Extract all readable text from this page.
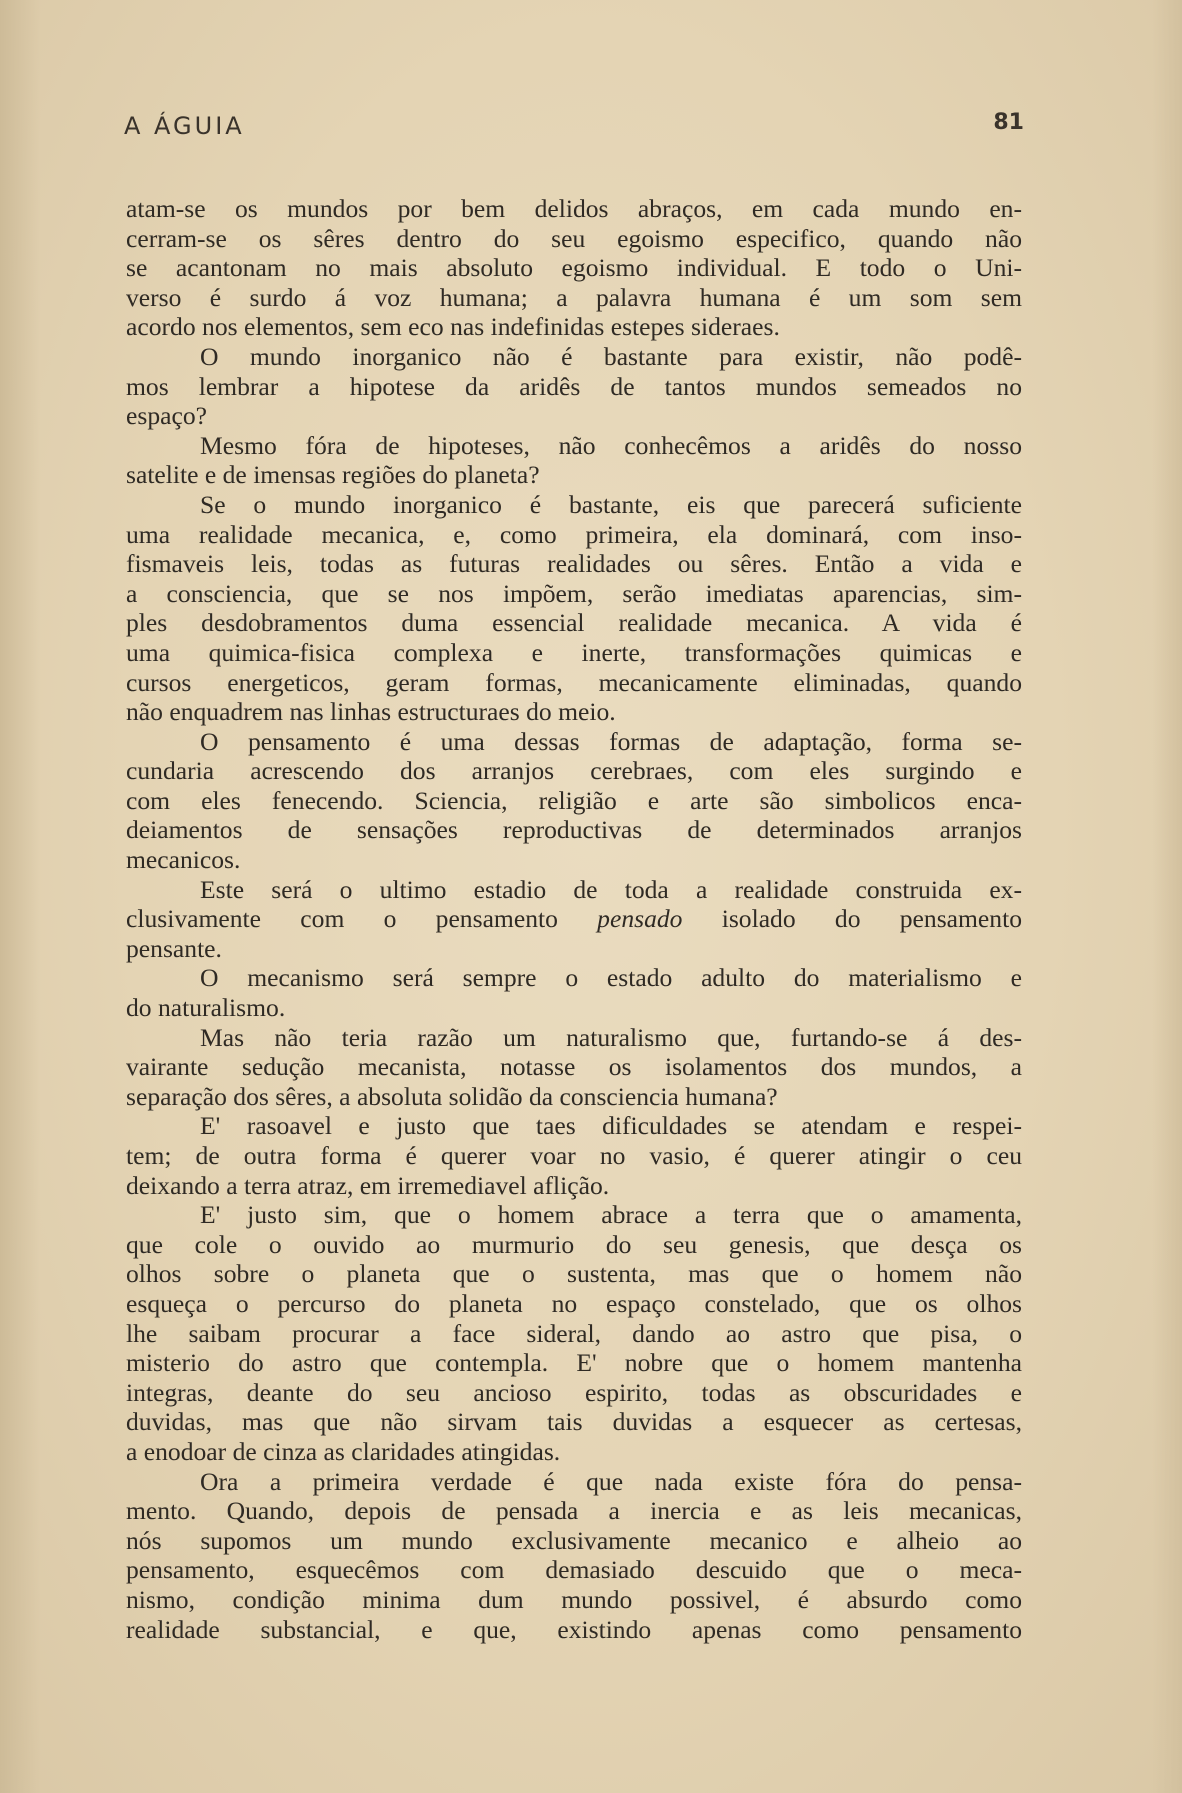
A ÁGUIA	81
atam-se os mundos por bem delidos abraços, em cada mundo en-
cerram-se os sêres dentro do seu egoismo especifico, quando não
se acantonam no mais absoluto egoismo individual. E todo o Uni-
verso é surdo á voz humana; a palavra humana é um som sem
acordo nos elementos, sem eco nas indefinidas estepes sideraes.
O mundo inorganico não é bastante para existir, não podê-
mos lembrar a hipotese da aridês de tantos mundos semeados no
espaço?
Mesmo fóra de hipoteses, não conhecêmos a aridês do nosso
satelite e de imensas regiões do planeta?
Se o mundo inorganico é bastante, eis que parecerá suficiente
uma realidade mecanica, e, como primeira, ela dominará, com inso-
fismaveis leis, todas as futuras realidades ou sêres. Então a vida e
a consciencia, que se nos impõem, serão imediatas aparencias, sim-
ples desdobramentos duma essencial realidade mecanica. A vida é
uma quimica-fisica complexa e inerte, transformações quimicas e
cursos energeticos, geram formas, mecanicamente eliminadas, quando
não enquadrem nas linhas estructuraes do meio.
O pensamento é uma dessas formas de adaptação, forma se-
cundaria acrescendo dos arranjos cerebraes, com eles surgindo e
com eles fenecendo. Sciencia, religião e arte são simbolicos enca-
deiamentos de sensações reproductivas de determinados arranjos
mecanicos.
Este será o ultimo estadio de toda a realidade construida ex-
clusivamente com o pensamento pensado isolado do pensamento
pensante.
O mecanismo será sempre o estado adulto do materialismo e
do naturalismo.
Mas não teria razão um naturalismo que, furtando-se á des-
vairante sedução mecanista, notasse os isolamentos dos mundos, a
separação dos sêres, a absoluta solidão da consciencia humana?
E' rasoavel e justo que taes dificuldades se atendam e respei-
tem; de outra forma é querer voar no vasio, é querer atingir o ceu
deixando a terra atraz, em irremediavel aflição.
E' justo sim, que o homem abrace a terra que o amamenta,
que cole o ouvido ao murmurio do seu genesis, que desça os
olhos sobre o planeta que o sustenta, mas que o homem não
esqueça o percurso do planeta no espaço constelado, que os olhos
lhe saibam procurar a face sideral, dando ao astro que pisa, o
misterio do astro que contempla. E' nobre que o homem mantenha
integras, deante do seu ancioso espirito, todas as obscuridades e
duvidas, mas que não sirvam tais duvidas a esquecer as certesas,
a enodoar de cinza as claridades atingidas.
Ora a primeira verdade é que nada existe fóra do pensa-
mento. Quando, depois de pensada a inercia e as leis mecanicas,
nós supomos um mundo exclusivamente mecanico e alheio ao
pensamento, esquecêmos com demasiado descuido que o meca-
nismo, condição minima dum mundo possivel, é absurdo como
realidade substancial, e que, existindo apenas como pensamento
